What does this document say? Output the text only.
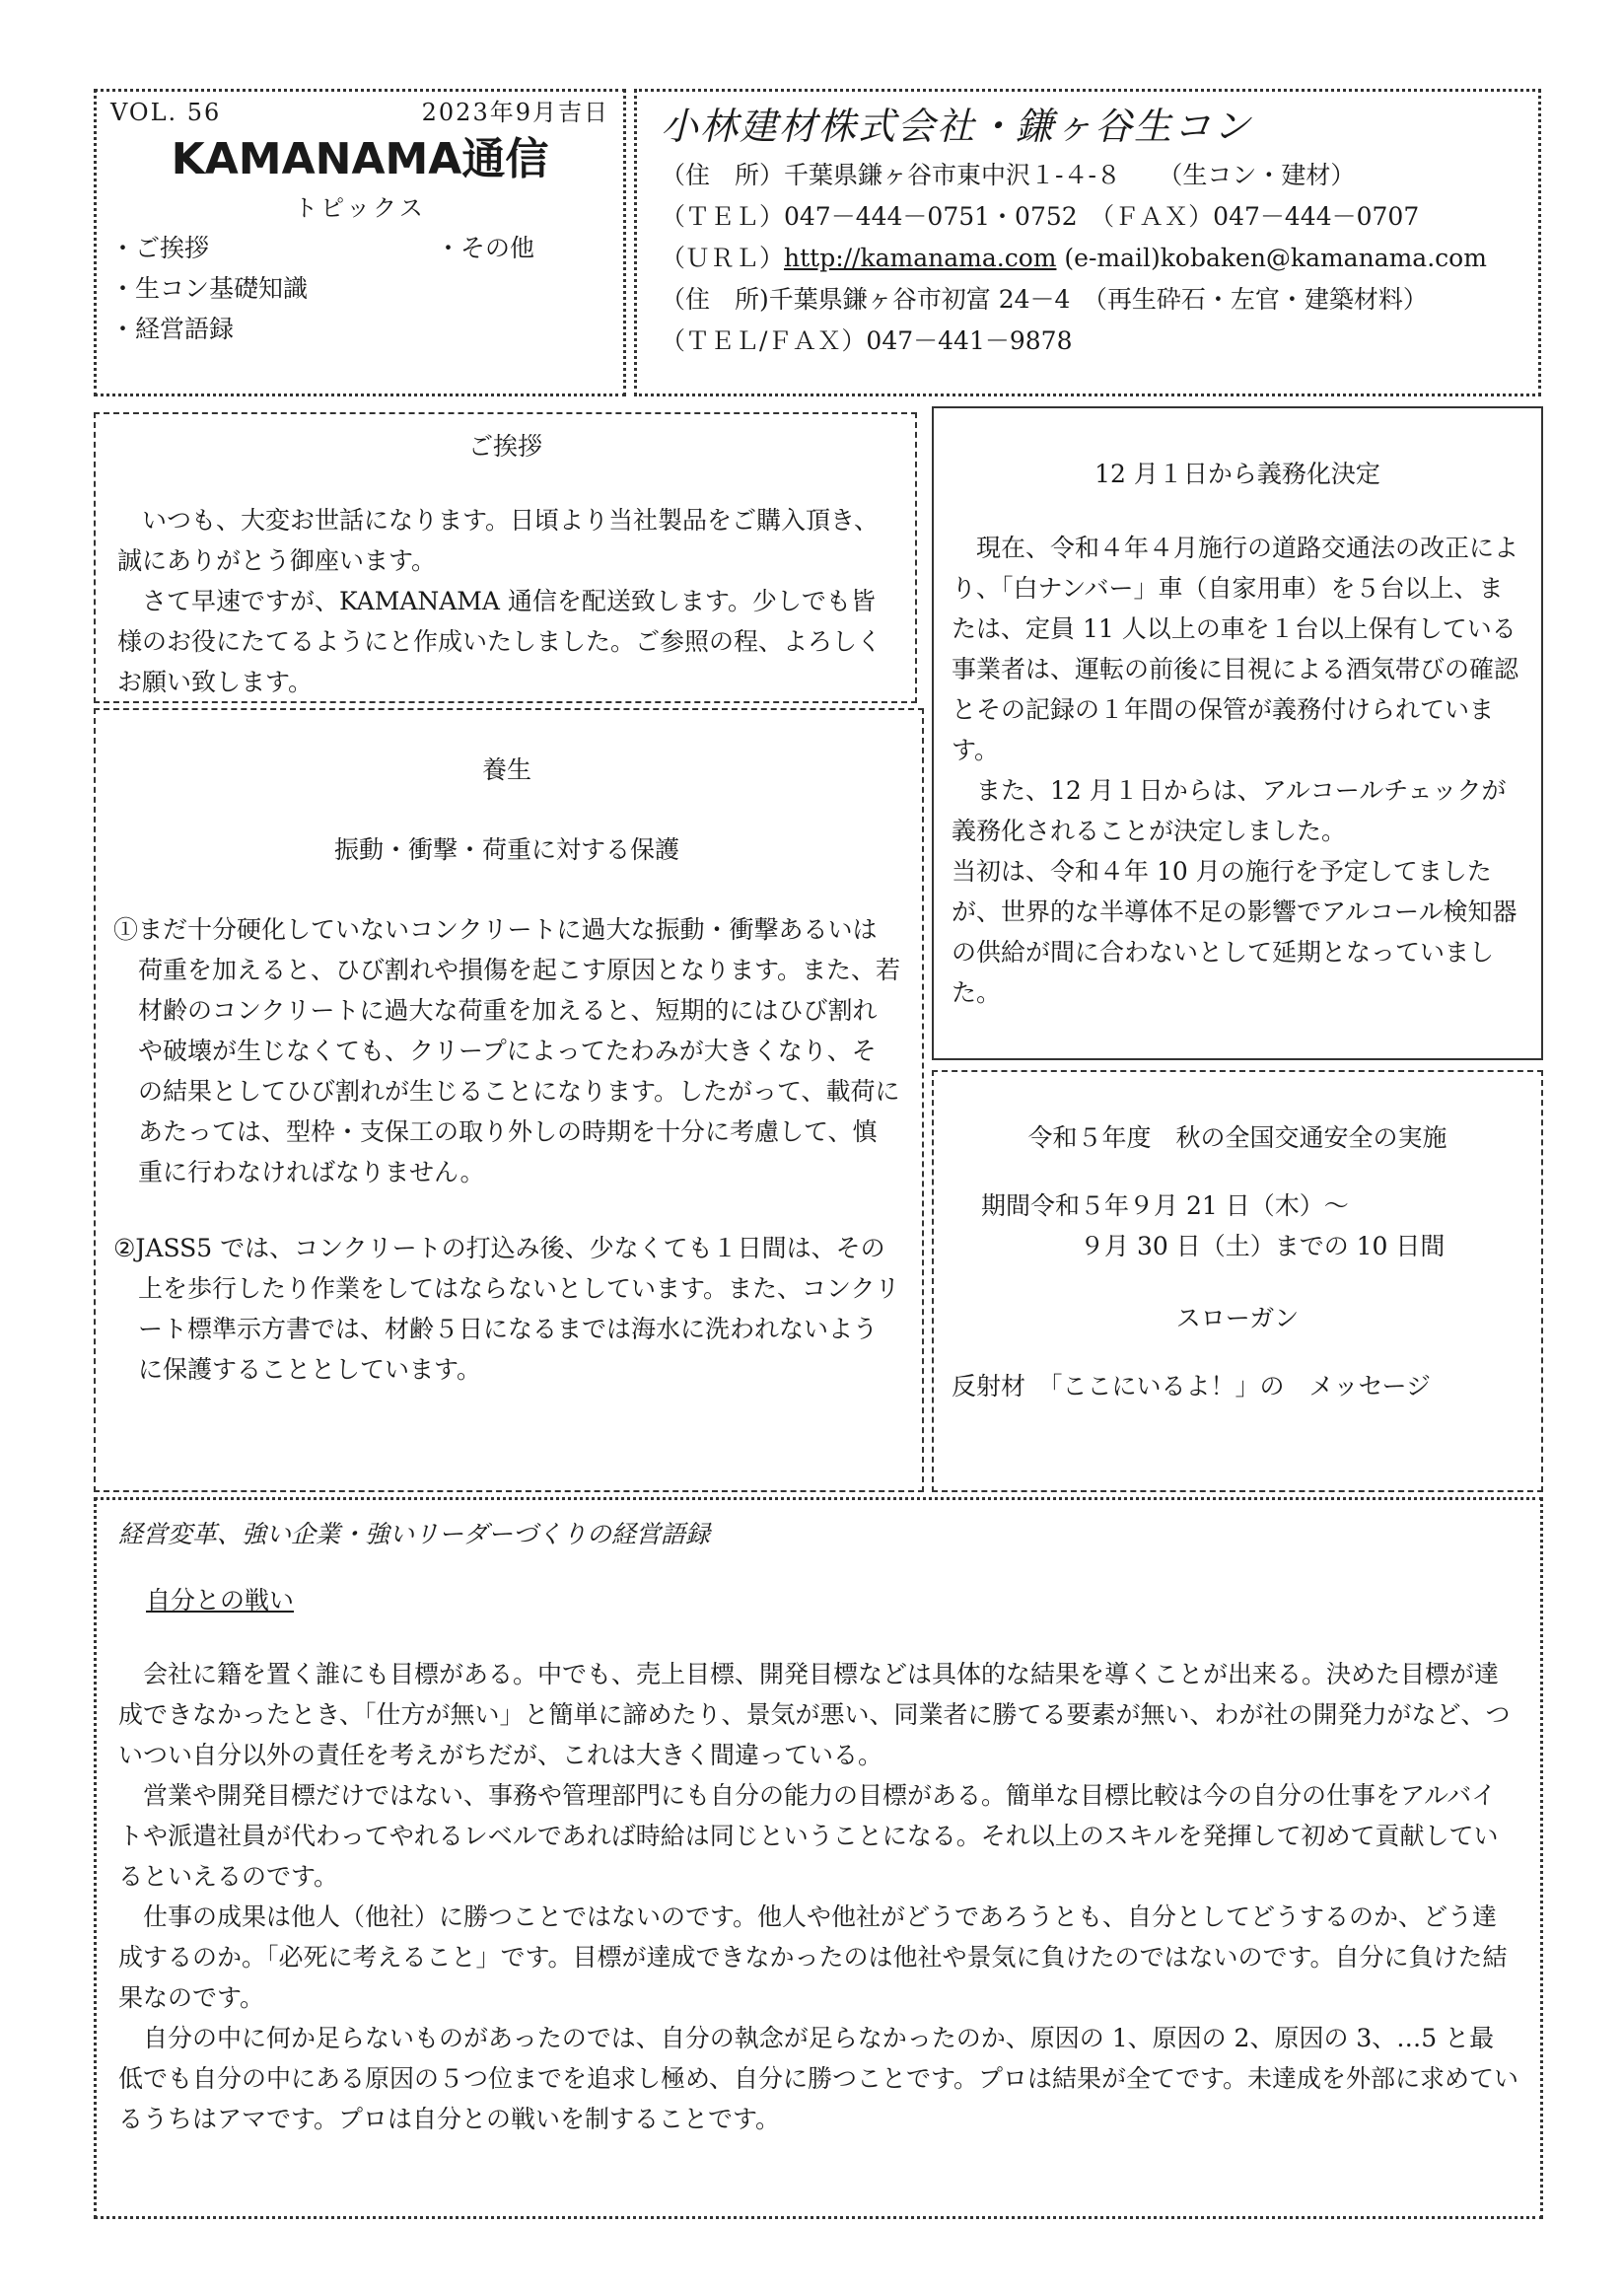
VOL. 56	2023年9月吉日
KAMANAMA通信
トピックス
・ご挨拶
・生コン基礎知識
・経営語録
・その他
小林建材株式会社・鎌ヶ谷生コン
（住　所）千葉県鎌ヶ谷市東中沢１-４-８　　（生コン・建材）
（ＴＥＬ）047－444－0751・0752　（ＦＡＸ）047－444－0707
（ＵＲＬ）http://kamanama.com (e-mail)kobaken@kamanama.com
（住　所)千葉県鎌ヶ谷市初富 24－4　（再生砕石・左官・建築材料）
（ＴＥＬ/ＦＡＸ）047－441－9878

ご挨拶

いつも、大変お世話になります。日頃より当社製品をご購入頂き、誠にありがとう御座います。

さて早速ですが、KAMANAMA 通信を配送致します。少しでも皆様のお役にたてるようにと作成いたしました。ご参照の程、よろしくお願い致します。

養生

振動・衝撃・荷重に対する保護

①まだ十分硬化していないコンクリートに過大な振動・衝撃あるいは荷重を加えると、ひび割れや損傷を起こす原因となります。また、若材齢のコンクリートに過大な荷重を加えると、短期的にはひび割れや破壊が生じなくても、クリープによってたわみが大きくなり、その結果としてひび割れが生じることになります。したがって、載荷にあたっては、型枠・支保工の取り外しの時期を十分に考慮して、慎重に行わなければなりません。

②JASS5 では、コンクリートの打込み後、少なくても１日間は、その上を歩行したり作業をしてはならないとしています。また、コンクリート標準示方書では、材齢５日になるまでは海水に洗われないように保護することとしています。

12 月１日から義務化決定

現在、令和４年４月施行の道路交通法の改正により、「白ナンバー」車（自家用車）を５台以上、または、定員 11 人以上の車を１台以上保有している事業者は、運転の前後に目視による酒気帯びの確認とその記録の１年間の保管が義務付けられています。

また、12 月１日からは、アルコールチェックが義務化されることが決定しました。

当初は、令和４年 10 月の施行を予定してましたが、世界的な半導体不足の影響でアルコール検知器の供給が間に合わないとして延期となっていました。

令和５年度　秋の全国交通安全の実施

期間令和５年９月 21 日（木）～

９月 30 日（土）までの 10 日間

スローガン

反射材　「ここにいるよ！」の　メッセージ

経営変革、強い企業・強いリーダーづくりの経営語録

自分との戦い

会社に籍を置く誰にも目標がある。中でも、売上目標、開発目標などは具体的な結果を導くことが出来る。決めた目標が達成できなかったとき、「仕方が無い」と簡単に諦めたり、景気が悪い、同業者に勝てる要素が無い、わが社の開発力がなど、ついつい自分以外の責任を考えがちだが、これは大きく間違っている。

営業や開発目標だけではない、事務や管理部門にも自分の能力の目標がある。簡単な目標比較は今の自分の仕事をアルバイトや派遣社員が代わってやれるレベルであれば時給は同じということになる。それ以上のスキルを発揮して初めて貢献しているといえるのです。

仕事の成果は他人（他社）に勝つことではないのです。他人や他社がどうであろうとも、自分としてどうするのか、どう達成するのか。「必死に考えること」です。目標が達成できなかったのは他社や景気に負けたのではないのです。自分に負けた結果なのです。

自分の中に何か足らないものがあったのでは、自分の執念が足らなかったのか、原因の 1、原因の 2、原因の 3、…5 と最低でも自分の中にある原因の５つ位までを追求し極め、自分に勝つことです。プロは結果が全てです。未達成を外部に求めているうちはアマです。プロは自分との戦いを制することです。
